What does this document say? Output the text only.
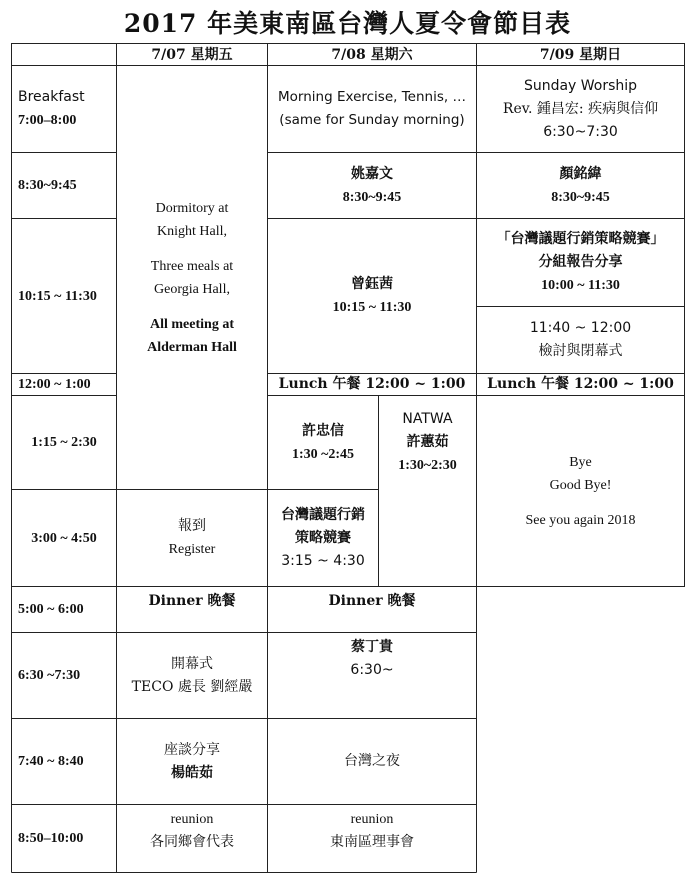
2017 年美東南區台灣人夏令會節目表
7/07 星期五	7/08 星期六	7/09 星期日
Breakfast
7:00–8:00
8:30~9:45
10:15 ~ 11:30
12:00 ~ 1:00
1:15 ~ 2:30
3:00 ~ 4:50
5:00 ~ 6:00
6:30 ~7:30
7:40 ~ 8:40
8:50–10:00
Dormitory at
Knight Hall,
Three meals at
Georgia Hall,
All meeting at
Alderman Hall
報到
Register
Dinner 晚餐
開幕式
TECO 處長 劉經嚴
座談分享
楊皓茹
reunion
各同鄉會代表
Morning Exercise, Tennis, …
(same for Sunday morning)
姚嘉文
8:30~9:45
曾鈺茜
10:15 ~ 11:30
Lunch 午餐 12:00 ~ 1:00
許忠信
1:30 ~2:45
NATWA
許蕙茹
1:30~2:30
台灣議題行銷
策略競賽
3:15 ~ 4:30
Dinner 晚餐
蔡丁貴
6:30~
台灣之夜
reunion
東南區理事會
Sunday Worship
Rev. 鍾昌宏: 疾病與信仰
6:30~7:30
顏銘緯
8:30~9:45
「台灣議題行銷策略競賽」
分組報告分享
10:00 ~ 11:30
11:40 ~ 12:00
檢討與閉幕式
Lunch 午餐 12:00 ~ 1:00
Bye
Good Bye!
See you again 2018
